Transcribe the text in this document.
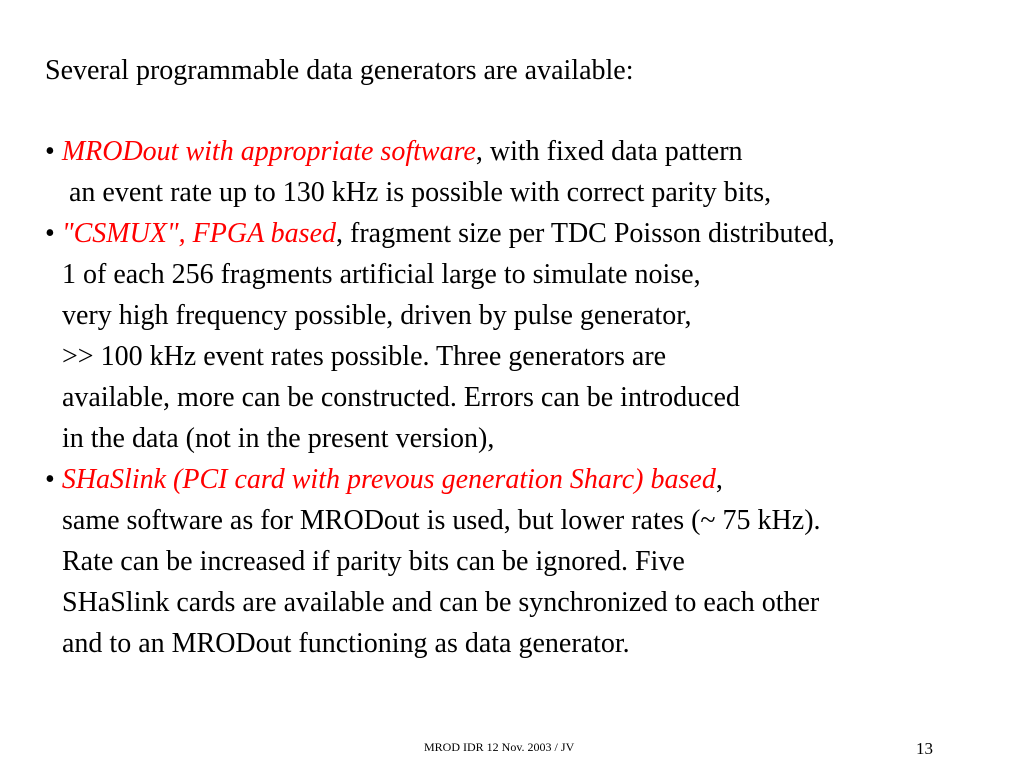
Several programmable data generators are available:
• MRODout with appropriate software, with fixed data pattern
an event rate up to 130 kHz is possible with correct parity bits,
• "CSMUX", FPGA based, fragment size per TDC Poisson distributed,
1 of each 256 fragments artificial large to simulate noise,
very high frequency possible, driven by pulse generator,
>> 100 kHz event rates possible. Three generators are
available, more can be constructed. Errors can be introduced
in the data (not in the present version),
• SHaSlink (PCI card with prevous generation Sharc) based,
same software as for MRODout is used, but lower rates (~ 75 kHz).
Rate can be increased if parity bits can be ignored. Five
SHaSlink cards are available and can be synchronized to each other
and to an MRODout functioning as data generator.
MROD IDR 12 Nov. 2003 / JV	13
